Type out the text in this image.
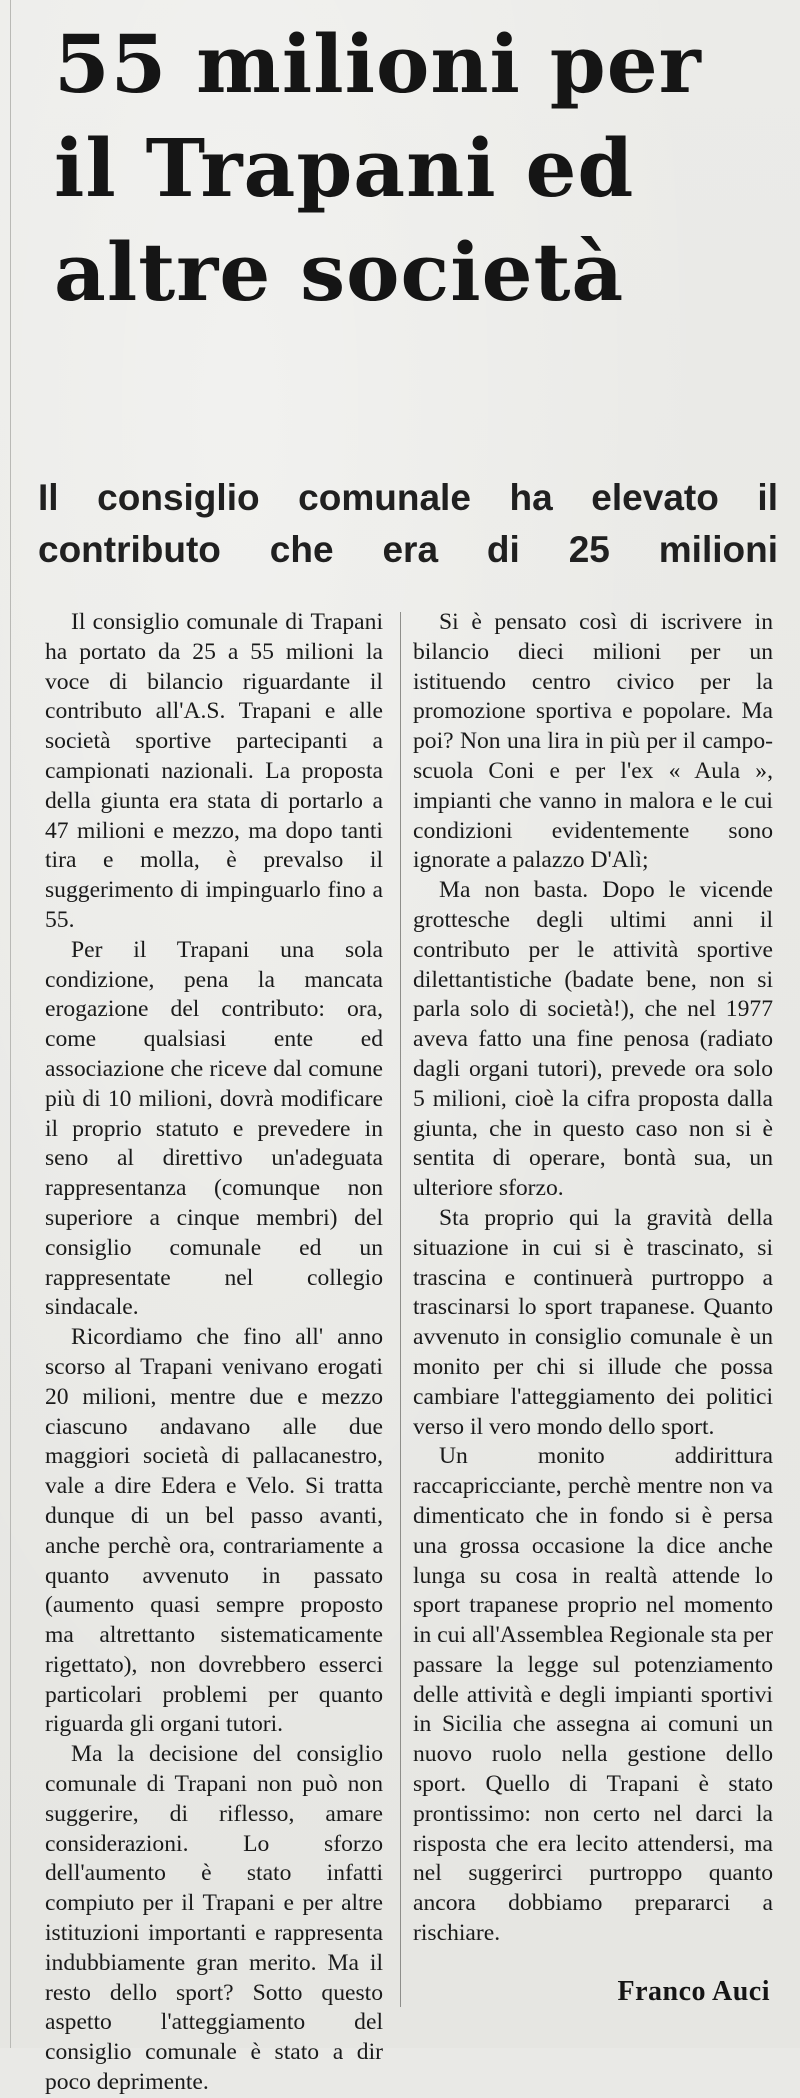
55 milioni per il Trapani ed altre società
Il consiglio comunale ha elevato il contributo che era di 25 milioni

Il consiglio comunale di Trapani ha portato da 25 a 55 milioni la voce di bilancio riguardante il contributo all'A.S. Trapani e alle società sportive partecipanti a campionati nazionali. La proposta della giunta era stata di portarlo a 47 milioni e mezzo, ma dopo tanti tira e molla, è prevalso il suggerimento di impinguarlo fino a 55.

Per il Trapani una sola condizione, pena la mancata erogazione del contributo: ora, come qualsiasi ente ed associazione che riceve dal comune più di 10 milioni, dovrà modificare il proprio statuto e prevedere in seno al direttivo un'adeguata rappresentanza (comunque non superiore a cinque membri) del consiglio comunale ed un rappresentate nel collegio sindacale.

Ricordiamo che fino all' anno scorso al Trapani venivano erogati 20 milioni, mentre due e mezzo ciascuno andavano alle due maggiori società di pallacanestro, vale a dire Edera e Velo. Si tratta dunque di un bel passo avanti, anche perchè ora, contrariamente a quanto avvenuto in passato (aumento quasi sempre proposto ma altrettanto sistematicamente rigettato), non dovrebbero esserci particolari problemi per quanto riguarda gli organi tutori.

Ma la decisione del consiglio comunale di Trapani non può non suggerire, di riflesso, amare considerazioni. Lo sforzo dell'aumento è stato infatti compiuto per il Trapani e per altre istituzioni importanti e rappresenta indubbiamente gran merito. Ma il resto dello sport? Sotto questo aspetto l'atteggiamento del consiglio comunale è stato a dir poco deprimente.

Si è pensato così di iscrivere in bilancio dieci milioni per un istituendo centro civico per la promozione sportiva e popolare. Ma poi? Non una lira in più per il campo-scuola Coni e per l'ex « Aula », impianti che vanno in malora e le cui condizioni evidentemente sono ignorate a palazzo D'Alì;

Ma non basta. Dopo le vicende grottesche degli ultimi anni il contributo per le attività sportive dilettantistiche (badate bene, non si parla solo di società!), che nel 1977 aveva fatto una fine penosa (radiato dagli organi tutori), prevede ora solo 5 milioni, cioè la cifra proposta dalla giunta, che in questo caso non si è sentita di operare, bontà sua, un ulteriore sforzo.

Sta proprio qui la gravità della situazione in cui si è trascinato, si trascina e continuerà purtroppo a trascinarsi lo sport trapanese. Quanto avvenuto in consiglio comunale è un monito per chi si illude che possa cambiare l'atteggiamento dei politici verso il vero mondo dello sport.

Un monito addirittura raccapricciante, perchè mentre non va dimenticato che in fondo si è persa una grossa occasione la dice anche lunga su cosa in realtà attende lo sport trapanese proprio nel momento in cui all'Assemblea Regionale sta per passare la legge sul potenziamento delle attività e degli impianti sportivi in Sicilia che assegna ai comuni un nuovo ruolo nella gestione dello sport. Quello di Trapani è stato prontissimo: non certo nel darci la risposta che era lecito attendersi, ma nel suggerirci purtroppo quanto ancora dobbiamo prepararci a rischiare.

Franco Auci
